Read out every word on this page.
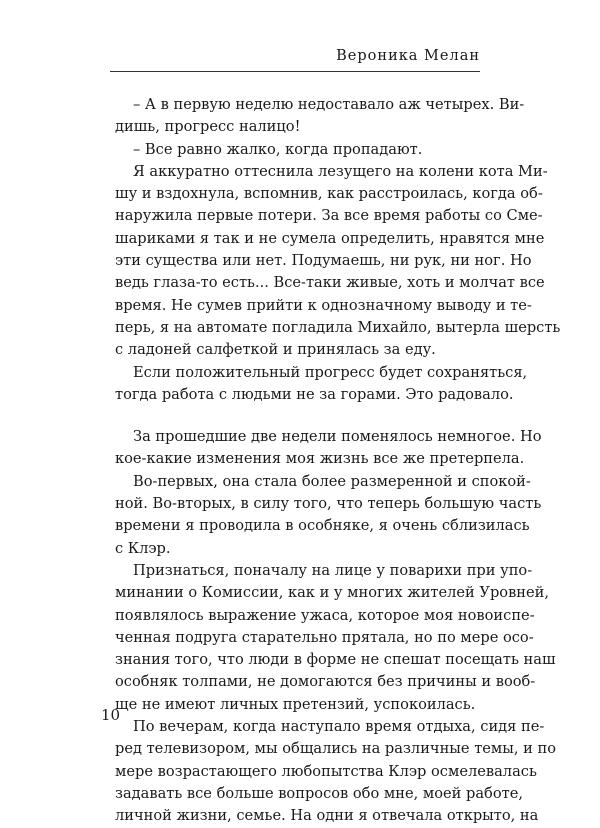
Вероника Мелан
– А в первую неделю недоставало аж четырех. Ви-
дишь, прогресс налицо!
– Все равно жалко, когда пропадают.
Я аккуратно оттеснила лезущего на колени кота Ми-
шу и вздохнула, вспомнив, как расстроилась, когда об-
наружила первые потери. За все время работы со Сме-
шариками я так и не сумела определить, нравятся мне
эти существа или нет. Подумаешь, ни рук, ни ног. Но
ведь глаза-то есть... Все-таки живые, хоть и молчат все
время. Не сумев прийти к однозначному выводу и те-
перь, я на автомате погладила Михайло, вытерла шерсть
с ладоней салфеткой и принялась за еду.
Если положительный прогресс будет сохраняться,
тогда работа с людьми не за горами. Это радовало.
За прошедшие две недели поменялось немногое. Но
кое-какие изменения моя жизнь все же претерпела.
Во-первых, она стала более размеренной и спокой-
ной. Во-вторых, в силу того, что теперь большую часть
времени я проводила в особняке, я очень сблизилась
с Клэр.
Признаться, поначалу на лице у поварихи при упо-
минании о Комиссии, как и у многих жителей Уровней,
появлялось выражение ужаса, которое моя новоиспе-
ченная подруга старательно прятала, но по мере осо-
знания того, что люди в форме не спешат посещать наш
особняк толпами, не домогаются без причины и вооб-
ще не имеют личных претензий, успокоилась.
По вечерам, когда наступало время отдыха, сидя пе-
ред телевизором, мы общались на различные темы, и по
мере возрастающего любопытства Клэр осмелевалась
задавать все больше вопросов обо мне, моей работе,
личной жизни, семье. На одни я отвечала открыто, на
10
